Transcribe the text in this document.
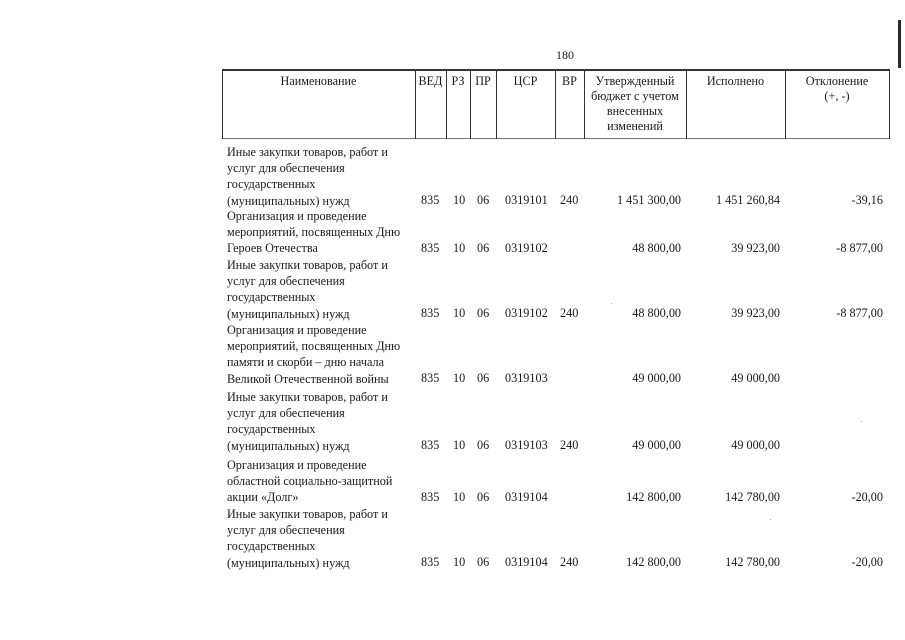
180
Наименование	ВЕД РЗ ПР	ЦСР	ВР	Утвержденный
бюджет с учетом
внесенных
изменений
Исполнено	Отклонение
(+, -)
Иные закупки товаров, работ и
услуг для обеспечения
государственных
(муниципальных) нужд	835 10 06 0319101 240	1 451 300,00	1 451 260,84	-39,16
Организация и проведение
мероприятий, посвященных Дню
Героев Отечества	835 10 06 0319102	48 800,00	39 923,00	-8 877,00
Иные закупки товаров, работ и
услуг для обеспечения
государственных
(муниципальных) нужд	835 10 06 0319102 240	48 800,00	39 923,00	-8 877,00
Организация и проведение
мероприятий, посвященных Дню
памяти и скорби – дню начала
Великой Отечественной войны	835 10 06 0319103	49 000,00	49 000,00
Иные закупки товаров, работ и
услуг для обеспечения
государственных
(муниципальных) нужд	835 10 06 0319103 240	49 000,00	49 000,00
Организация и проведение
областной социально-защитной
акции «Долг»	835 10 06 0319104	142 800,00	142 780,00	-20,00
Иные закупки товаров, работ и
услуг для обеспечения
государственных
(муниципальных) нужд	835 10 06 0319104 240	142 800,00	142 780,00	-20,00
